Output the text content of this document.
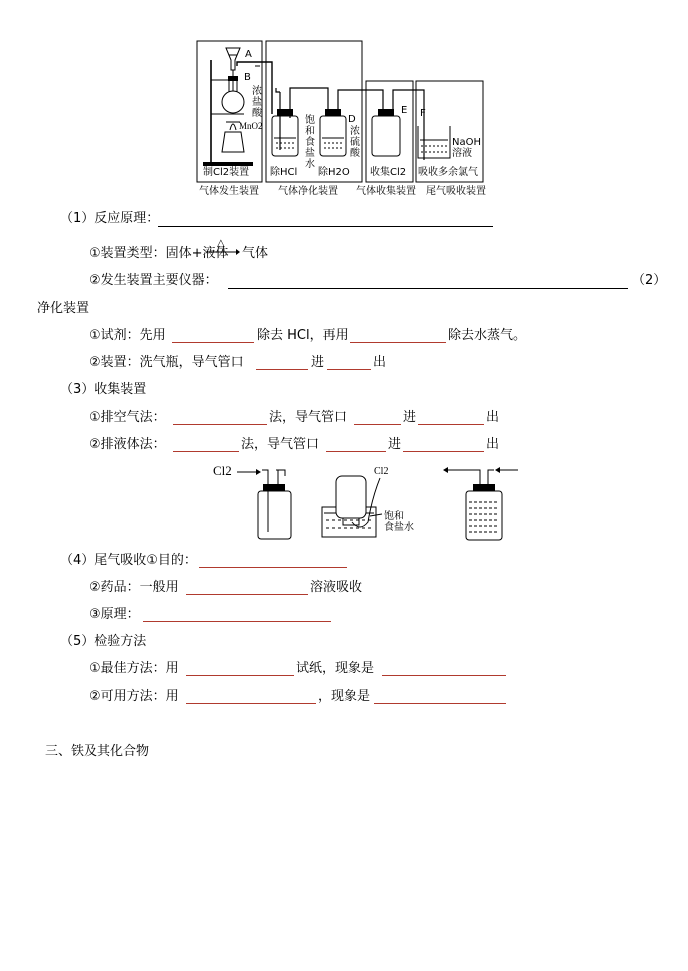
A
B
C
D
E F
浓
盐
酸
MnO2	饱
和
食
盐
水
浓
硫
酸
NaOH
溶液
制Cl2装置 除HCl 除H2O 收集Cl2 吸收多余氯气
气体发生装置 气体净化装置 气体收集装置 尾气吸收装置
（1）反应原理：
①装置类型：固体+液体
△
气体
②发生装置主要仪器：	（2）
净化装置
①试剂：先用	除去 HCl，再用	除去水蒸气。
②装置：洗气瓶，导气管口	进	出
（3）收集装置
①排空气法：	法，导气管口	进	出
②排液体法：	法，导气管口	进	出
Cl2	Cl2
饱和
食盐水
（4）尾气吸收①目的：
②药品：一般用	溶液吸收
③原理：
（5）检验方法
①最佳方法：用	试纸，现象是
②可用方法：用	，现象是
三、铁及其化合物
